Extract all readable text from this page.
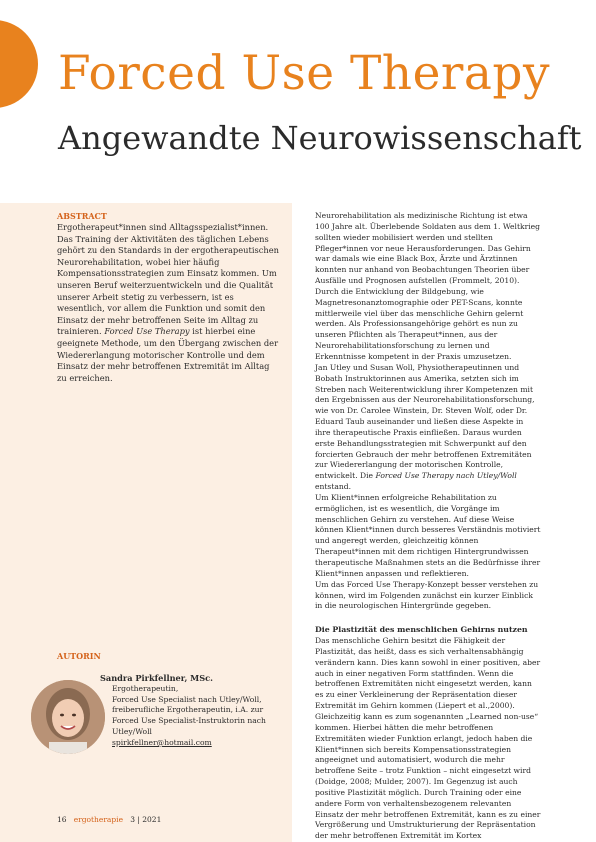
Forced Use Therapy
Angewandte Neurowissenschaft
ABSTRACT
Ergotherapeut*innen sind Alltagsspezialist*innen. Das Training der Aktivitäten des täglichen Lebens gehört zu den Standards in der ergotherapeutischen Neurorehabilitation, wobei hier häufig Kompensationsstrategien zum Einsatz kommen. Um unseren Beruf weiterzuentwickeln und die Qualität unserer Arbeit stetig zu verbessern, ist es wesentlich, vor allem die Funktion und somit den Einsatz der mehr betroffenen Seite im Alltag zu trainieren. Forced Use Therapy ist hierbei eine geeignete Methode, um den Übergang zwischen der Wiedererlangung motorischer Kontrolle und dem Einsatz der mehr betroffenen Extremität im Alltag zu erreichen.
AUTORIN
Sandra Pirkfellner, MSc.
Ergotherapeutin,
Forced Use Specialist nach Utley/Woll,
freiberufliche Ergotherapeutin, i.A. zur
Forced Use Specialist-Instruktorin nach
Utley/Woll
spirkfellner@hotmail.com
16 ergotherapie 3 | 2021

Neurorehabilitation als medizinische Richtung ist etwa 100 Jahre alt. Überlebende Soldaten aus dem 1. Weltkrieg sollten wieder mobilisiert werden und stellten Pfleger*innen vor neue Herausforderungen. Das Gehirn war damals wie eine Black Box, Ärzte und Ärztinnen konnten nur anhand von Beobachtungen Theorien über Ausfälle und Prognosen aufstellen (Frommelt, 2010). Durch die Entwicklung der Bildgebung, wie Magnetresonanztomographie oder PET-Scans, konnte mittlerweile viel über das menschliche Gehirn gelernt werden. Als Professionsangehörige gehört es nun zu unseren Pflichten als Therapeut*innen, aus der Neurorehabilitationsforschung zu lernen und Erkenntnisse kompetent in der Praxis umzusetzen.

Jan Utley und Susan Woll, Physiotherapeutinnen und Bobath Instruktorinnen aus Amerika, setzten sich im Streben nach Weiterentwicklung ihrer Kompetenzen mit den Ergebnissen aus der Neurorehabilitationsforschung, wie von Dr. Carolee Winstein, Dr. Steven Wolf, oder Dr. Eduard Taub auseinander und ließen diese Aspekte in ihre therapeutische Praxis einfließen. Daraus wurden erste Behandlungsstrategien mit Schwerpunkt auf den forcierten Gebrauch der mehr betroffenen Extremitäten zur Wiedererlangung der motorischen Kontrolle, entwickelt. Die Forced Use Therapy nach Utley/Woll entstand.

Um Klient*innen erfolgreiche Rehabilitation zu ermöglichen, ist es wesentlich, die Vorgänge im menschlichen Gehirn zu verstehen. Auf diese Weise können Klient*innen durch besseres Verständnis motiviert und angeregt werden, gleichzeitig können Therapeut*innen mit dem richtigen Hintergrundwissen therapeutische Maßnahmen stets an die Bedürfnisse ihrer Klient*innen anpassen und reflektieren.

Um das Forced Use Therapy-Konzept besser verstehen zu können, wird im Folgenden zunächst ein kurzer Einblick in die neurologischen Hintergründe gegeben.

Die Plastizität des menschlichen Gehirns nutzen

Das menschliche Gehirn besitzt die Fähigkeit der Plastizität, das heißt, dass es sich verhaltensabhängig verändern kann. Dies kann sowohl in einer positiven, aber auch in einer negativen Form stattfinden. Wenn die betroffenen Extremitäten nicht eingesetzt werden, kann es zu einer Verkleinerung der Repräsentation dieser Extremität im Gehirn kommen (Liepert et al.,2000). Gleichzeitig kann es zum sogenannten „Learned non-use“ kommen. Hierbei hätten die mehr betroffenen Extremitäten wieder Funktion erlangt, jedoch haben die Klient*innen sich bereits Kompensationsstrategien angeeignet und automatisiert, wodurch die mehr betroffene Seite – trotz Funktion – nicht eingesetzt wird (Doidge, 2008; Mulder, 2007). Im Gegenzug ist auch positive Plastizität möglich. Durch Training oder eine andere Form von verhaltensbezogenem relevanten Einsatz der mehr betroffenen Extremität, kann es zu einer Vergrößerung und Umstrukturierung der Repräsentation der mehr betroffenen Extremität im Kortex
